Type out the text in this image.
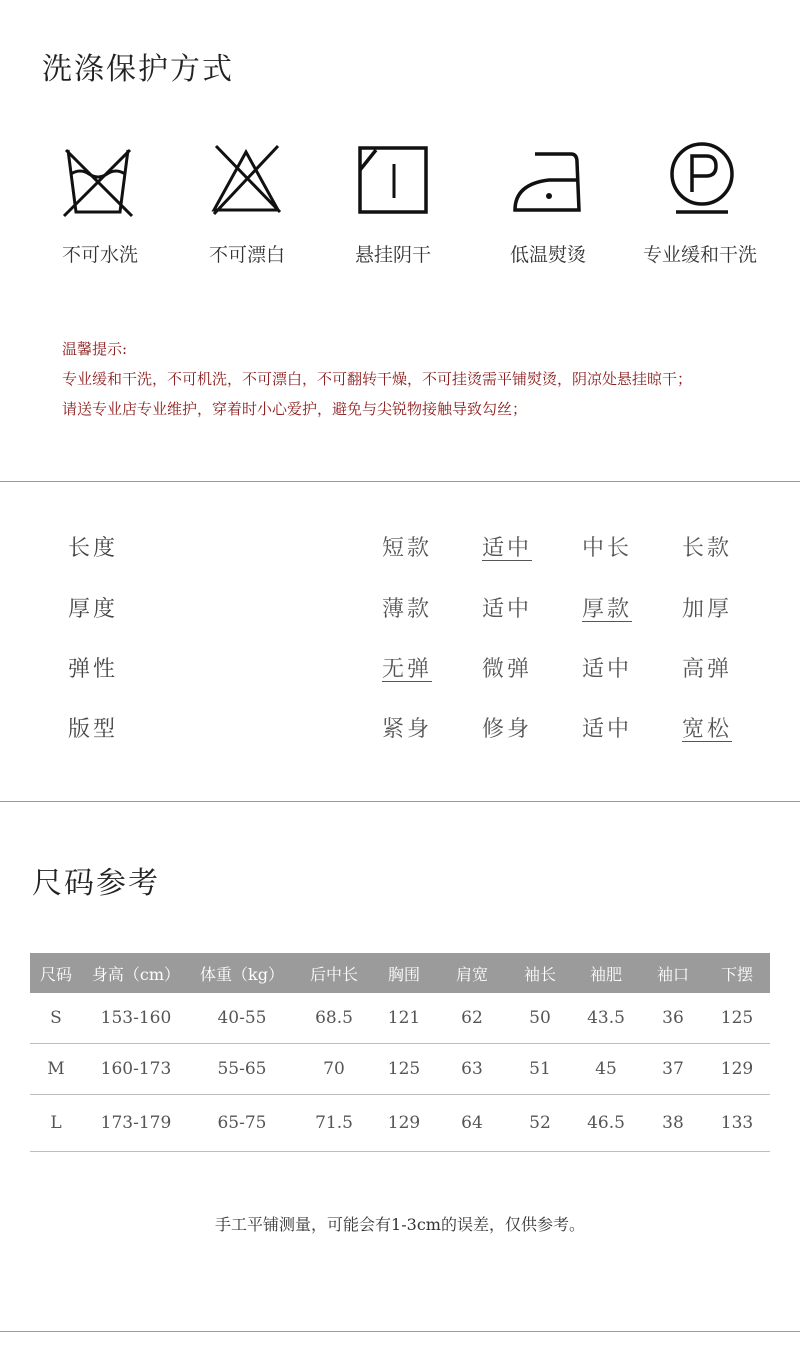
洗涤保护方式
不可水洗	不可漂白	悬挂阴干	低温熨烫	专业缓和干洗
温馨提示:
专业缓和干洗，不可机洗，不可漂白，不可翻转干燥，不可挂烫需平铺熨烫，阴凉处悬挂晾干；
请送专业店专业维护，穿着时小心爱护，避免与尖锐物接触导致勾丝；
长度	短款	适中	中长	长款
厚度	薄款	适中	厚款	加厚
弹性	无弹	微弹	适中	高弹
版型	紧身	修身	适中	宽松
尺码参考
尺码	身高（cm）	体重（kg）	后中长	胸围	肩宽	袖长	袖肥	袖口	下摆
S	153-160	40-55	68.5	121	62	50	43.5	36	125
M	160-173	55-65	70	125	63	51	45	37	129
L	173-179	65-75	71.5	129	64	52	46.5	38	133
手工平铺测量，可能会有1-3cm的误差，仅供参考。
